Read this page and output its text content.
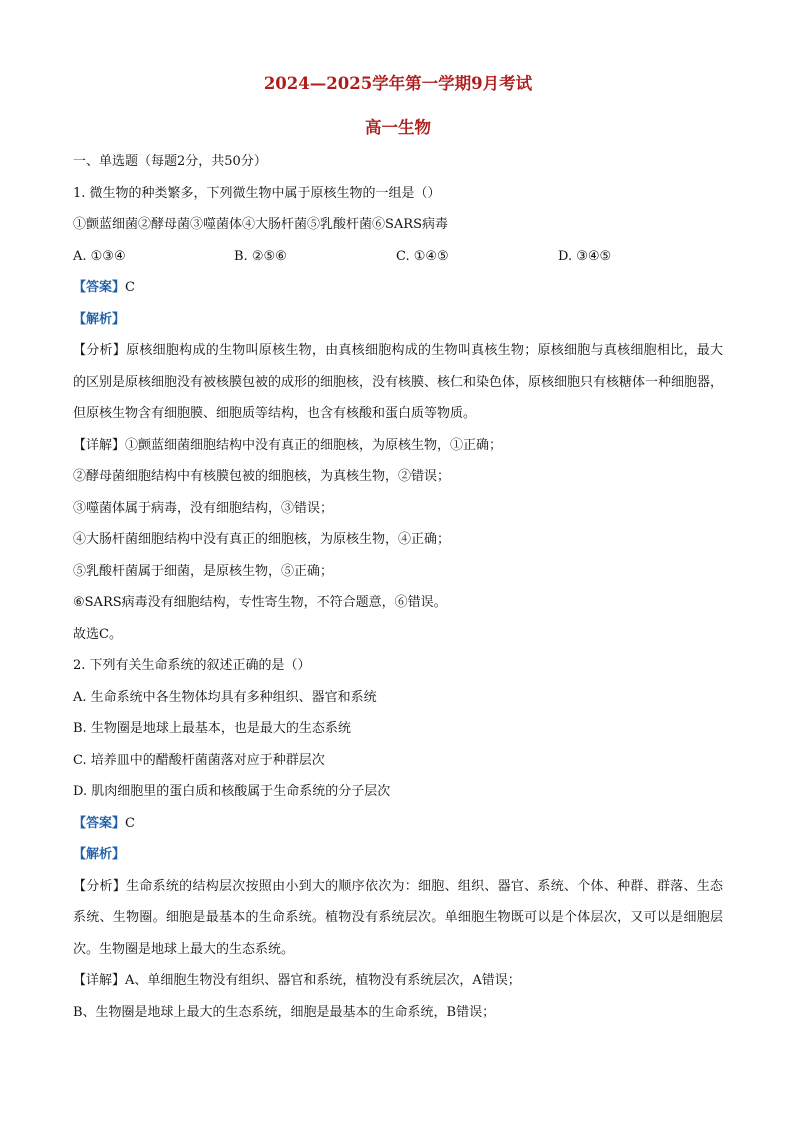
2024—2025学年第一学期9月考试
高一生物
一、单选题（每题2分，共50分）
1. 微生物的种类繁多，下列微生物中属于原核生物的一组是（）
①颤蓝细菌②酵母菌③噬菌体④大肠杆菌⑤乳酸杆菌⑥SARS病毒
A. ①③④	B. ②⑤⑥	C. ①④⑤	D. ③④⑤
【答案】C
【解析】
【分析】原核细胞构成的生物叫原核生物，由真核细胞构成的生物叫真核生物；原核细胞与真核细胞相比，最大的区别是原核细胞没有被核膜包被的成形的细胞核，没有核膜、核仁和染色体，原核细胞只有核糖体一种细胞器，但原核生物含有细胞膜、细胞质等结构，也含有核酸和蛋白质等物质。
【详解】①颤蓝细菌细胞结构中没有真正的细胞核，为原核生物，①正确；
②酵母菌细胞结构中有核膜包被的细胞核，为真核生物，②错误；
③噬菌体属于病毒，没有细胞结构，③错误；
④大肠杆菌细胞结构中没有真正的细胞核，为原核生物，④正确；
⑤乳酸杆菌属于细菌，是原核生物，⑤正确；
⑥SARS病毒没有细胞结构，专性寄生物，不符合题意，⑥错误。
故选C。
2. 下列有关生命系统的叙述正确的是（）
A. 生命系统中各生物体均具有多种组织、器官和系统
B. 生物圈是地球上最基本，也是最大的生态系统
C. 培养皿中的醋酸杆菌菌落对应于种群层次
D. 肌肉细胞里的蛋白质和核酸属于生命系统的分子层次
【答案】C
【解析】
【分析】生命系统的结构层次按照由小到大的顺序依次为：细胞、组织、器官、系统、个体、种群、群落、生态系统、生物圈。细胞是最基本的生命系统。植物没有系统层次。单细胞生物既可以是个体层次，又可以是细胞层次。生物圈是地球上最大的生态系统。
【详解】A、单细胞生物没有组织、器官和系统，植物没有系统层次，A错误；
B、生物圈是地球上最大的生态系统，细胞是最基本的生命系统，B错误；
